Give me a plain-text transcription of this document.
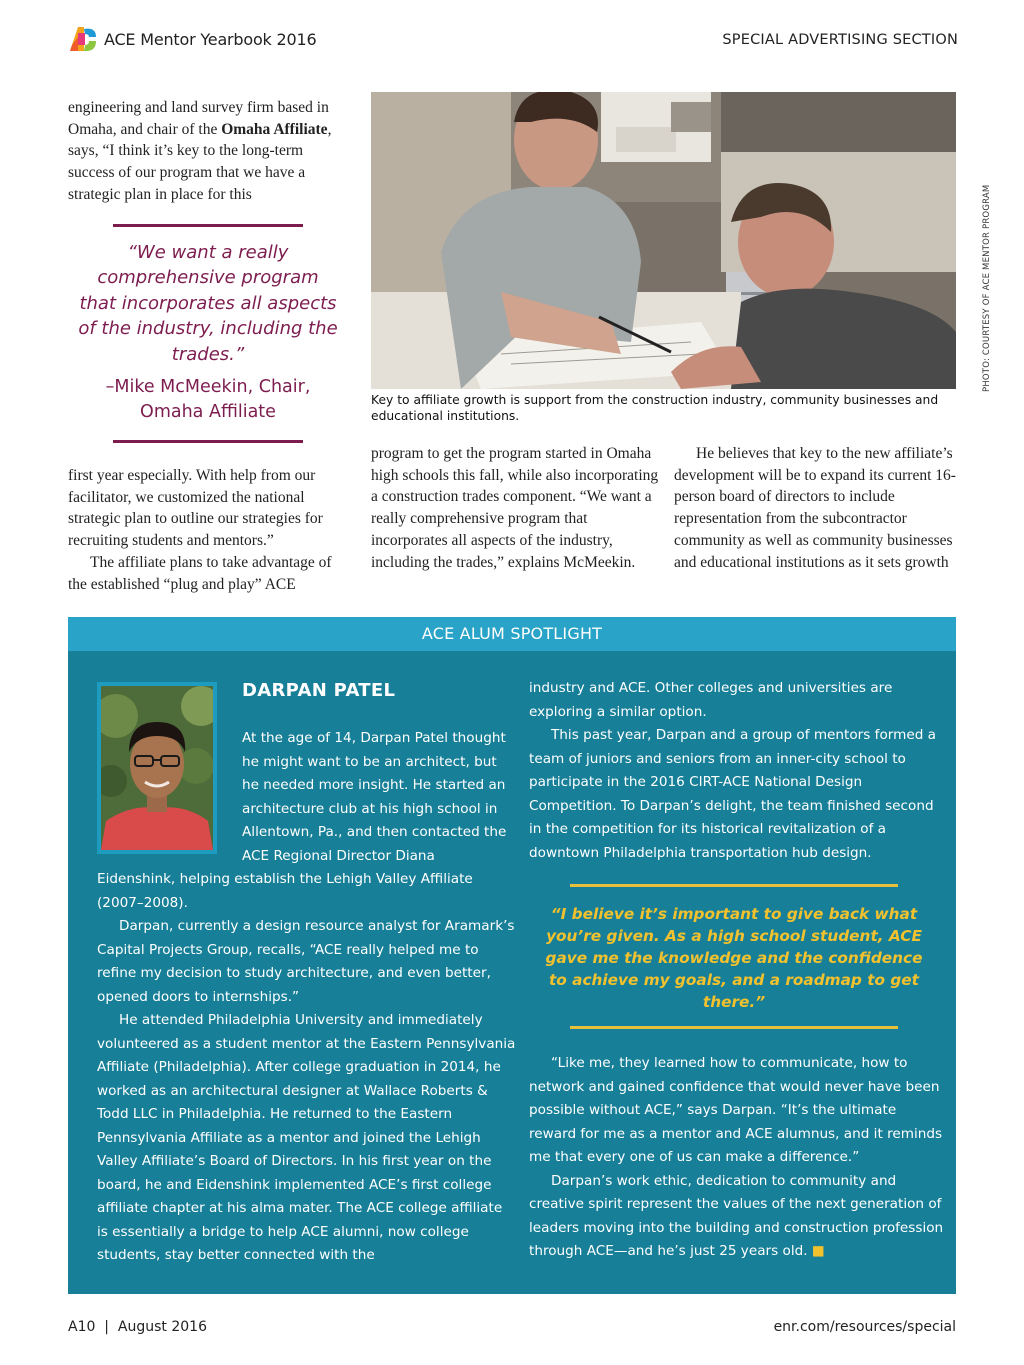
ACE Mentor Yearbook 2016	SPECIAL ADVERTISING SECTION

engineering and land survey firm based in Omaha, and chair of the Omaha Affiliate, says, “I think it’s key to the long-term success of our program that we have a strategic plan in place for this

“We want a really comprehensive program that incorporates all aspects of the industry, including the trades.”

–Mike McMeekin, Chair,
Omaha Affiliate

first year especially. With help from our facilitator, we customized the national strategic plan to outline our strategies for recruiting students and mentors.”

The affiliate plans to take advantage of the established “plug and play” ACE

Key to affiliate growth is support from the construction industry, community businesses and educational institutions.

PHOTO: COURTESY OF ACE MENTOR PROGRAM

program to get the program started in Omaha high schools this fall, while also incorporating a construction trades component. “We want a really comprehensive program that incorporates all aspects of the industry, including the trades,” explains McMeekin.

He believes that key to the new affiliate’s development will be to expand its current 16-person board of directors to include representation from the subcontractor community as well as community businesses and educational institutions as it sets growth

ACE ALUM SPOTLIGHT
DARPAN PATEL

At the age of 14, Darpan Patel thought he might want to be an architect, but he needed more insight. He started an architecture club at his high school in Allentown, Pa., and then contacted the ACE Regional Director Diana

Eidenshink, helping establish the Lehigh Valley Affiliate (2007–2008).

Darpan, currently a design resource analyst for Aramark’s Capital Projects Group, recalls, “ACE really helped me to refine my decision to study architecture, and even better, opened doors to internships.”

He attended Philadelphia University and immediately volunteered as a student mentor at the Eastern Pennsylvania Affiliate (Philadelphia). After college graduation in 2014, he worked as an architectural designer at Wallace Roberts & Todd LLC in Philadelphia. He returned to the Eastern Pennsylvania Affiliate as a mentor and joined the Lehigh Valley Affiliate’s Board of Directors. In his first year on the board, he and Eidenshink implemented ACE’s first college affiliate chapter at his alma mater. The ACE college affiliate is essentially a bridge to help ACE alumni, now college students, stay better connected with the

industry and ACE. Other colleges and universities are exploring a similar option.

This past year, Darpan and a group of mentors formed a team of juniors and seniors from an inner-city school to participate in the 2016 CIRT-ACE National Design Competition. To Darpan’s delight, the team finished second in the competition for its historical revitalization of a downtown Philadelphia transportation hub design.

“I believe it’s important to give back what you’re given. As a high school student, ACE gave me the knowledge and the confidence to achieve my goals, and a roadmap to get there.”

“Like me, they learned how to communicate, how to network and gained confidence that would never have been possible without ACE,” says Darpan. “It’s the ultimate reward for me as a mentor and ACE alumnus, and it reminds me that every one of us can make a difference.”

Darpan’s work ethic, dedication to community and creative spirit represent the values of the next generation of leaders moving into the building and construction profession through ACE—and he’s just 25 years old. ■

A10  |  August 2016	enr.com/resources/special
